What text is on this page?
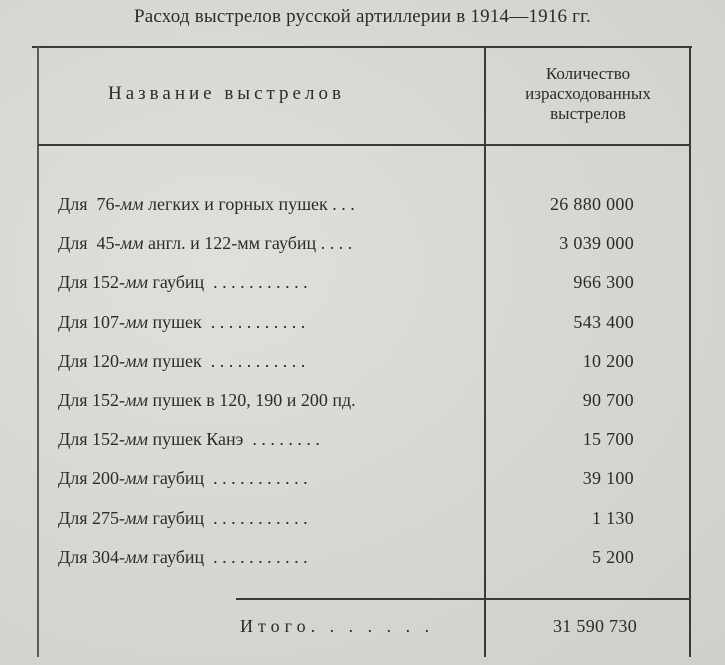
Расход выстрелов русской артиллерии в 1914—1916 гг.
Название выстрелов
Количество
израсходованных
выстрелов
Для  76-мм легких и горных пушек . . .	26 880 000
Для  45-мм англ. и 122-мм гаубиц . . . .	3 039 000
Для 152-мм гаубиц  . . . . . . . . . . .	966 300
Для 107-мм пушек  . . . . . . . . . . .	543 400
Для 120-мм пушек  . . . . . . . . . . .	10 200
Для 152-мм пушек в 120, 190 и 200 пд.	90 700
Для 152-мм пушек Канэ  . . . . . . . .	15 700
Для 200-мм гаубиц  . . . . . . . . . . .	39 100
Для 275-мм гаубиц  . . . . . . . . . . .	1 130
Для 304-мм гаубиц  . . . . . . . . . . .	5 200
Итого. . . . . . .	31 590 730
